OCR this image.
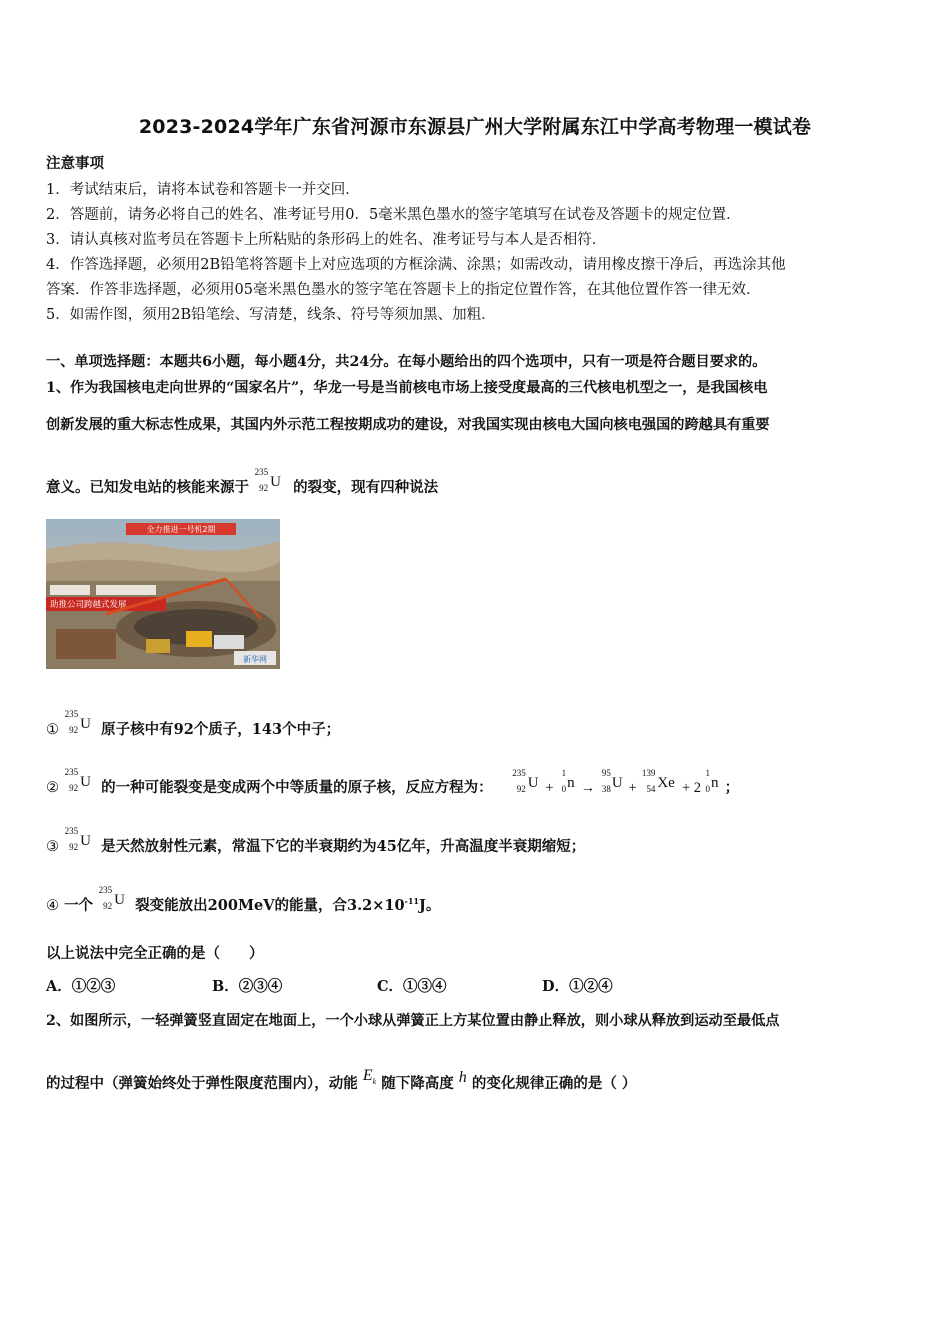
2023-2024学年广东省河源市东源县广州大学附属东江中学高考物理一模试卷
注意事项
1．考试结束后，请将本试卷和答题卡一并交回．
2．答题前，请务必将自己的姓名、准考证号用0．5毫米黑色墨水的签字笔填写在试卷及答题卡的规定位置．
3．请认真核对监考员在答题卡上所粘贴的条形码上的姓名、准考证号与本人是否相符．
4．作答选择题，必须用2B铅笔将答题卡上对应选项的方框涂满、涂黑；如需改动，请用橡皮擦干净后，再选涂其他
答案．作答非选择题，必须用05毫米黑色墨水的签字笔在答题卡上的指定位置作答，在其他位置作答一律无效．
5．如需作图，须用2B铅笔绘、写清楚，线条、符号等须加黑、加粗．
一、单项选择题：本题共6小题，每小题4分，共24分。在每小题给出的四个选项中，只有一项是符合题目要求的。
1、作为我国核电走向世界的“国家名片”，华龙一号是当前核电市场上接受度最高的三代核电机型之一，是我国核电
创新发展的重大标志性成果，其国内外示范工程按期成功的建设，对我国实现由核电大国向核电强国的跨越具有重要
意义。已知发电站的核能来源于
235
92 U 的裂变，现有四种说法
全力推进一号机2期
助推公司跨越式发展
新华网
①
235
92 U 原子核中有92个质子，143个中子；
②
235
92 U 的一种可能裂变是变成两个中等质量的原子核，反应方程为：
235
92 U +
1
0 n →
95
38 U +
139
54 Xe + 2
1
0 n ；
③
235
92 U 是天然放射性元素，常温下它的半衰期约为45亿年，升高温度半衰期缩短；
④ 一个
235
92 U 裂变能放出200MeV的能量，合$3.2\times 10^{-11}J$。
以上说法中完全正确的是（　　）
A．①②③	B．②③④	C．①③④	D．①②④
2、如图所示，一轻弹簧竖直固定在地面上，一个小球从弹簧正上方某位置由静止释放，则小球从释放到运动至最低点
的过程中（弹簧始终处于弹性限度范围内），动能 $E_k$ 随下降高度 h 的变化规律正确的是（ ）
